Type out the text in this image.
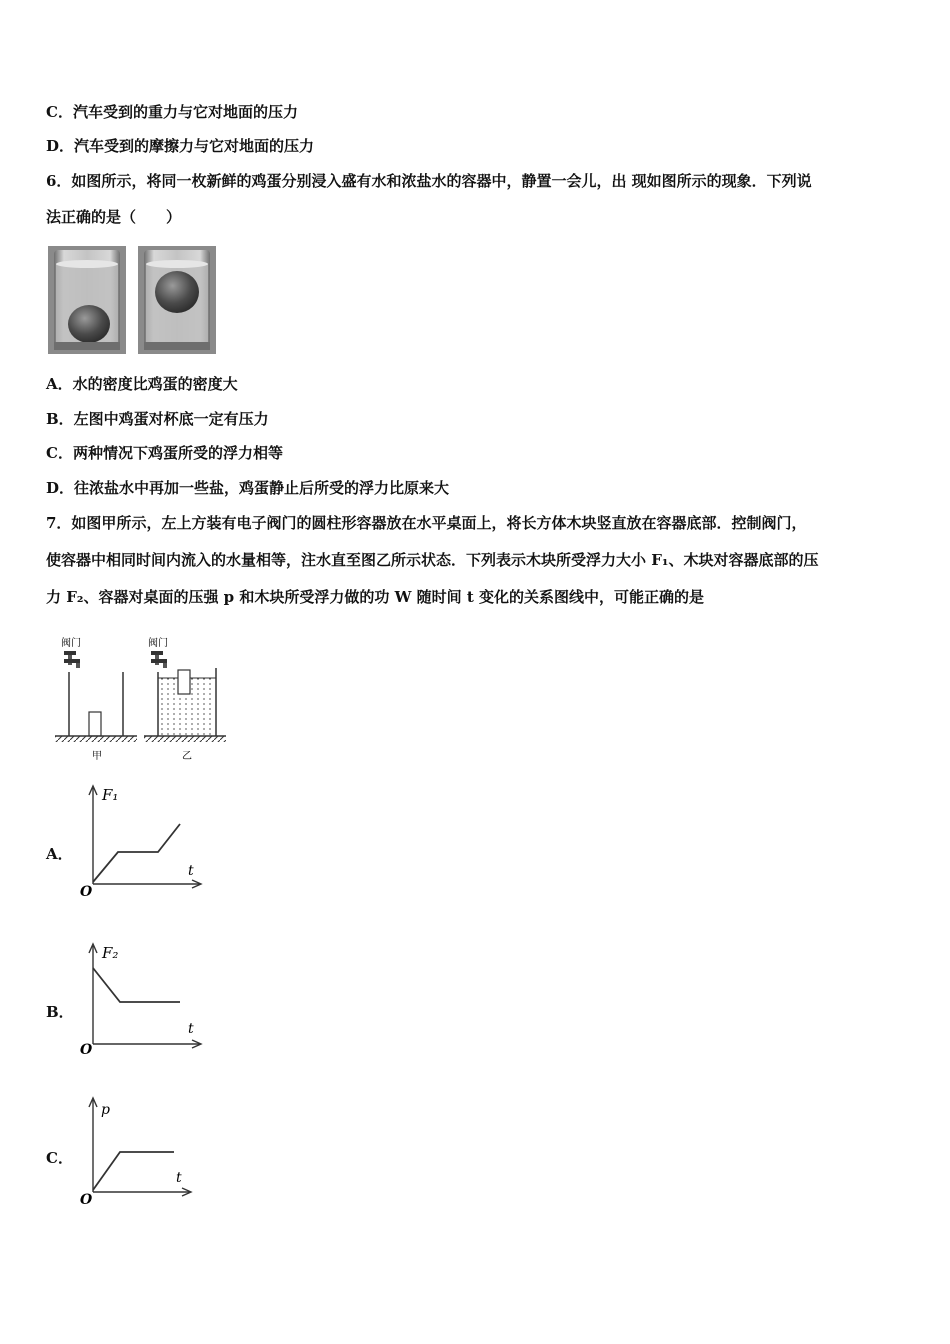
C．汽车受到的重力与它对地面的压力
D．汽车受到的摩擦力与它对地面的压力
6．如图所示，将同一枚新鲜的鸡蛋分别浸入盛有水和浓盐水的容器中，静置一会儿，出 现如图所示的现象．下列说
法正确的是（　　）
A．水的密度比鸡蛋的密度大
B．左图中鸡蛋对杯底一定有压力
C．两种情况下鸡蛋所受的浮力相等
D．往浓盐水中再加一些盐，鸡蛋静止后所受的浮力比原来大
7．如图甲所示，左上方装有电子阀门的圆柱形容器放在水平桌面上，将长方体木块竖直放在容器底部．控制阀门，
使容器中相同时间内流入的水量相等，注水直至图乙所示状态．下列表示木块所受浮力大小 F₁、木块对容器底部的压
力 F₂、容器对桌面的压强 p 和木块所受浮力做的功 W 随时间 t 变化的关系图线中，可能正确的是
阀门
甲
阀门
乙
A．
F₁
t
O
B．
F₂
t
O
C．
p
t
O
